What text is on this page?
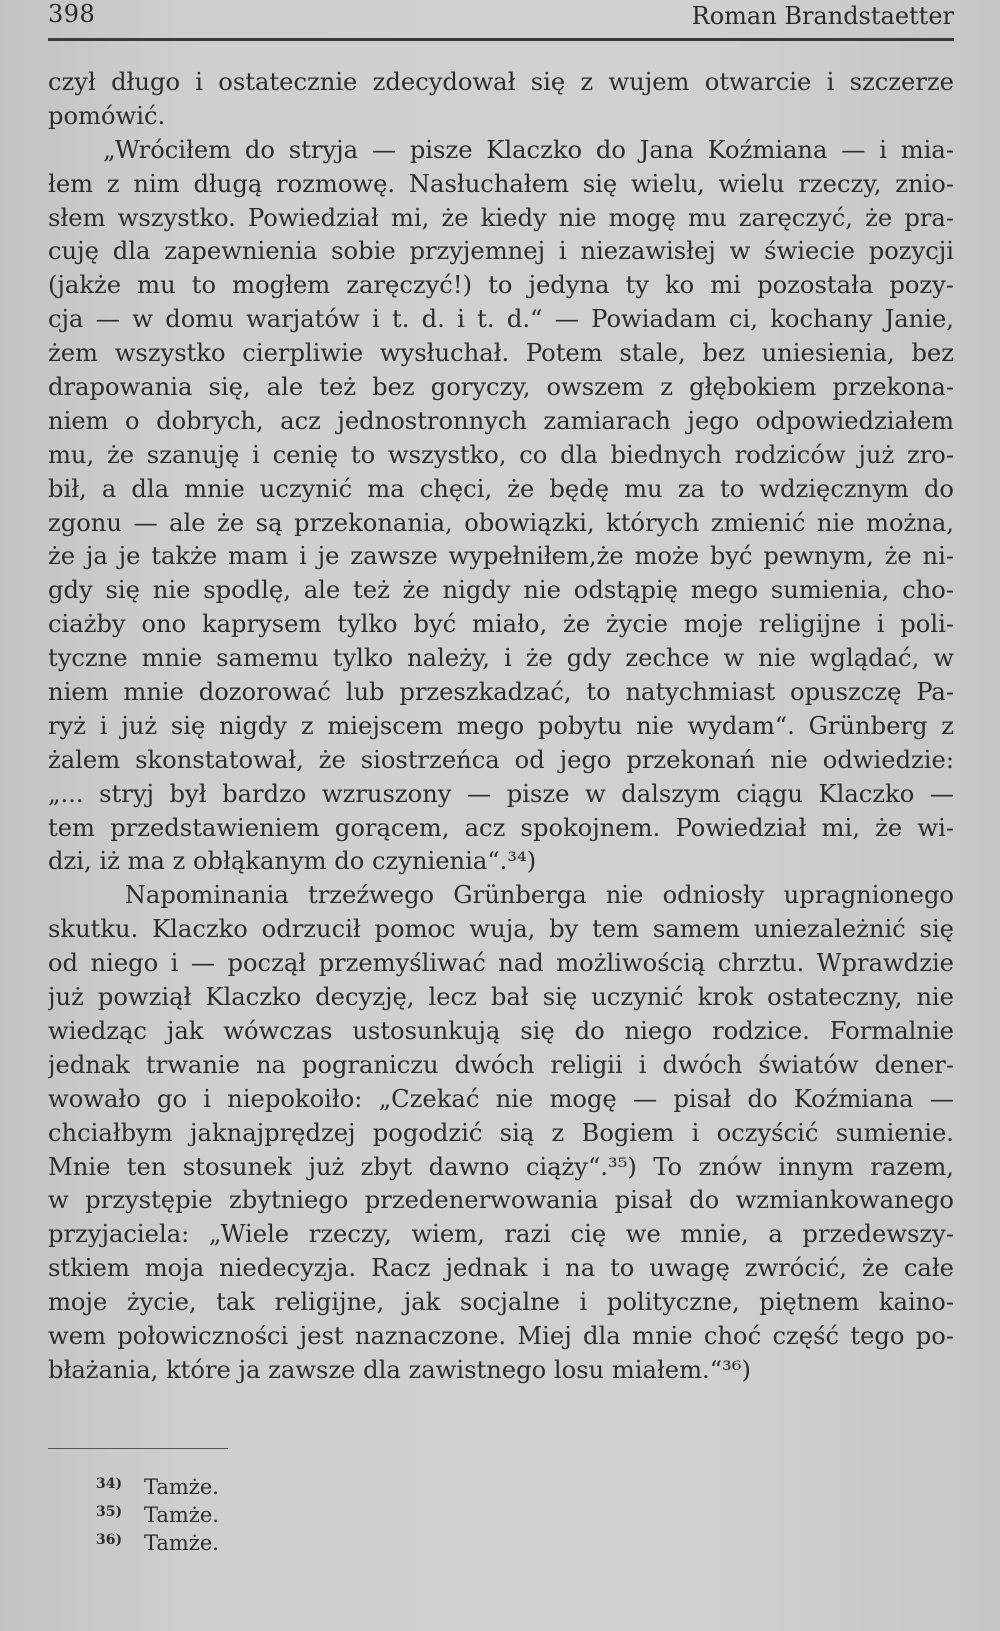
398	Roman Brandstaetter
czył długo i ostatecznie zdecydował się z wujem otwarcie i szczerze
pomówić.
„Wróciłem do stryja — pisze Klaczko do Jana Koźmiana — i mia-
łem z nim długą rozmowę. Nasłuchałem się wielu, wielu rzeczy, znio-
słem wszystko. Powiedział mi, że kiedy nie mogę mu zaręczyć, że pra-
cuję dla zapewnienia sobie przyjemnej i niezawisłej w świecie pozycji
(jakże mu to mogłem zaręczyć!) to jedyna ty ko mi pozostała pozy-
cja — w domu warjatów i t. d. i t. d.“ — Powiadam ci, kochany Janie,
żem wszystko cierpliwie wysłuchał. Potem stale, bez uniesienia, bez
drapowania się, ale też bez goryczy, owszem z głębokiem przekona-
niem o dobrych, acz jednostronnych zamiarach jego odpowiedziałem
mu, że szanuję i cenię to wszystko, co dla biednych rodziców już zro-
bił, a dla mnie uczynić ma chęci, że będę mu za to wdzięcznym do
zgonu — ale że są przekonania, obowiązki, których zmienić nie można,
że ja je także mam i je zawsze wypełniłem,że może być pewnym, że ni-
gdy się nie spodlę, ale też że nigdy nie odstąpię mego sumienia, cho-
ciażby ono kaprysem tylko być miało, że życie moje religijne i poli-
tyczne mnie samemu tylko należy, i że gdy zechce w nie wglądać, w
niem mnie dozorować lub przeszkadzać, to natychmiast opuszczę Pa-
ryż i już się nigdy z miejscem mego pobytu nie wydam“. Grünberg z
żalem skonstatował, że siostrzeńca od jego przekonań nie odwiedzie:
„... stryj był bardzo wzruszony — pisze w dalszym ciągu Klaczko —
tem przedstawieniem gorącem, acz spokojnem. Powiedział mi, że wi-
dzi, iż ma z obłąkanym do czynienia“.³⁴)
Napominania trzeźwego Grünberga nie odniosły upragnionego
skutku. Klaczko odrzucił pomoc wuja, by tem samem uniezależnić się
od niego i — począł przemyśliwać nad możliwością chrztu. Wprawdzie
już powziął Klaczko decyzję, lecz bał się uczynić krok ostateczny, nie
wiedząc jak wówczas ustosunkują się do niego rodzice. Formalnie
jednak trwanie na pograniczu dwóch religii i dwóch światów dener-
wowało go i niepokoiło: „Czekać nie mogę — pisał do Koźmiana —
chciałbym jaknajprędzej pogodzić sią z Bogiem i oczyścić sumienie.
Mnie ten stosunek już zbyt dawno ciąży“.³⁵) To znów innym razem,
w przystępie zbytniego przedenerwowania pisał do wzmiankowanego
przyjaciela: „Wiele rzeczy, wiem, razi cię we mnie, a przedewszy-
stkiem moja niedecyzja. Racz jednak i na to uwagę zwrócić, że całe
moje życie, tak religijne, jak socjalne i polityczne, piętnem kaino-
wem połowiczności jest naznaczone. Miej dla mnie choć część tego po-
błażania, które ja zawsze dla zawistnego losu miałem.“³⁶)
34) Tamże.
35) Tamże.
36) Tamże.
